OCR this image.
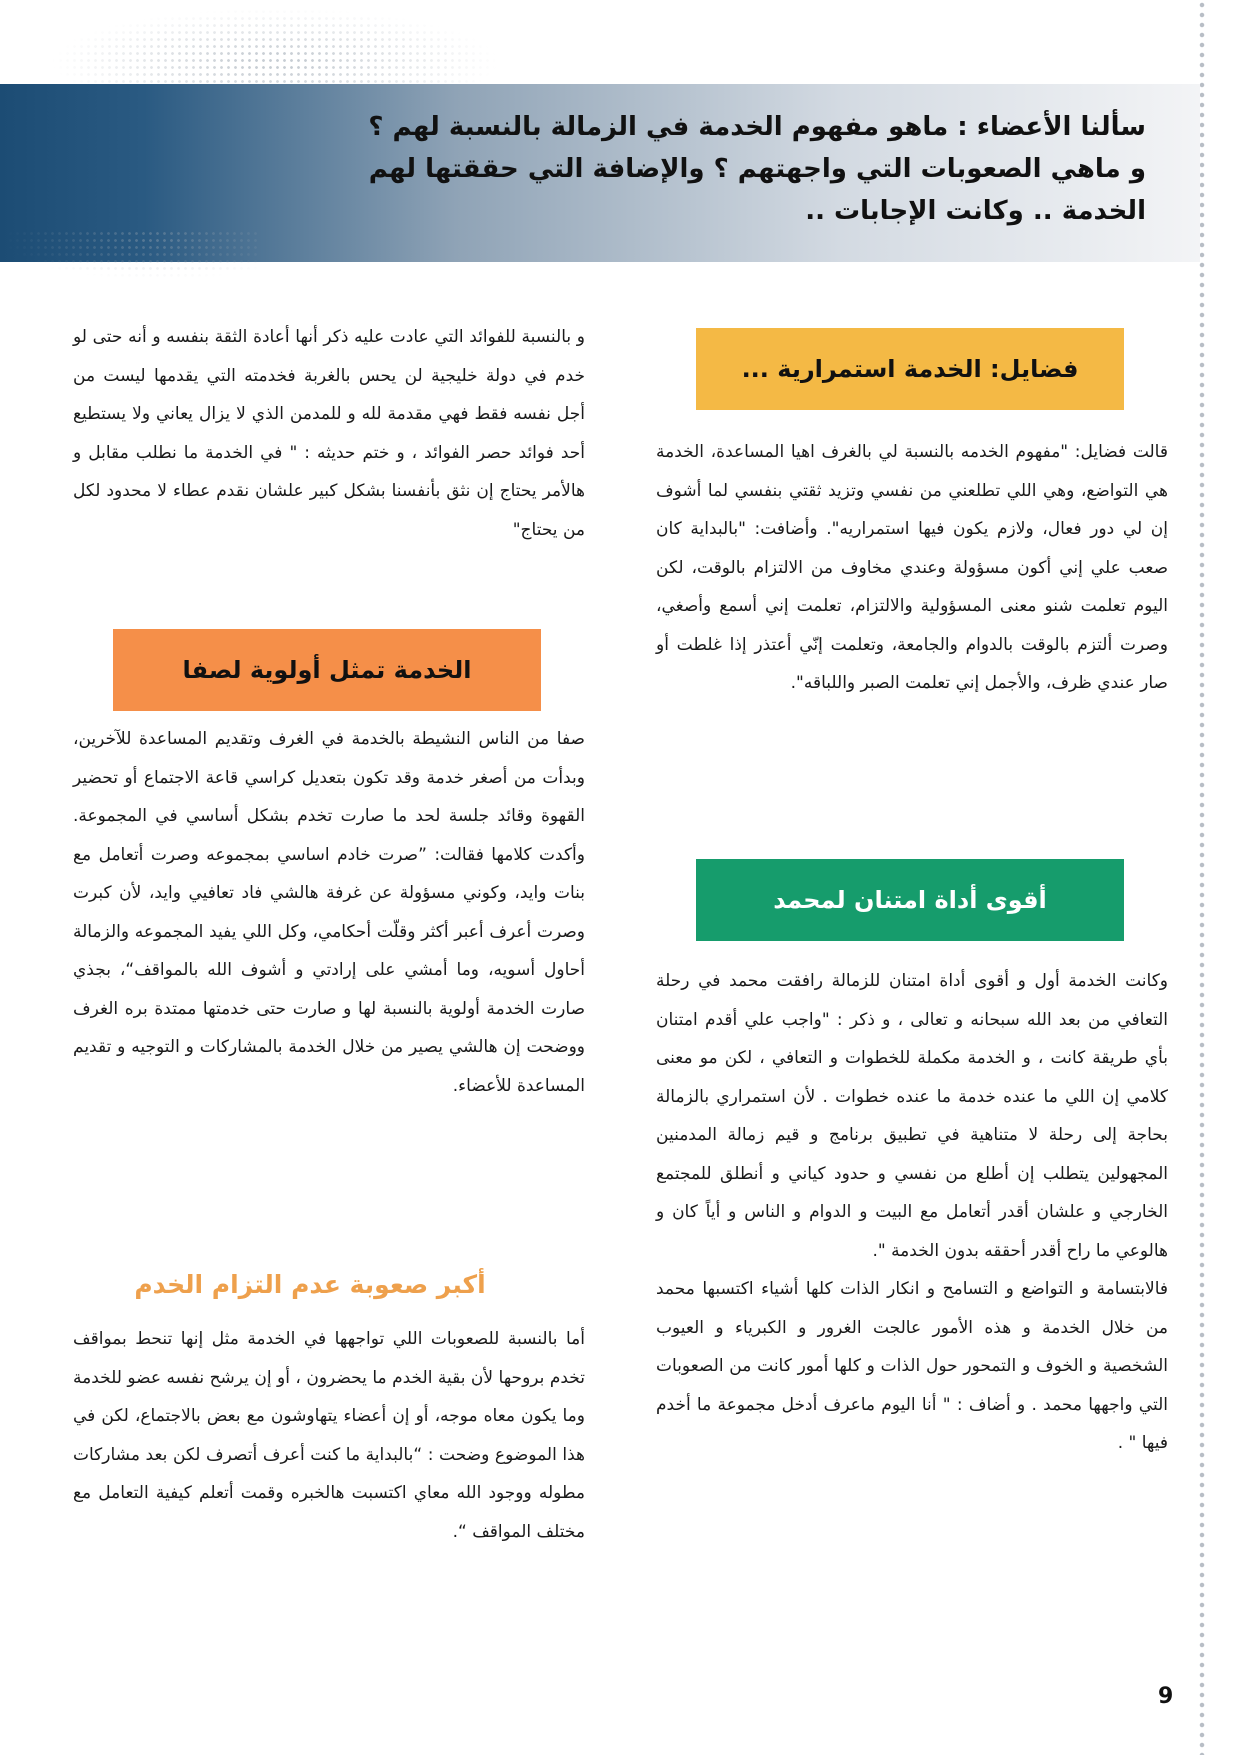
سألنا الأعضاء : ماهو مفهوم الخدمة في الزمالة بالنسبة لهم ؟
و ماهي الصعوبات التي واجهتهم ؟ والإضافة التي حققتها لهم
الخدمة .. وكانت الإجابات ..
فضايل: الخدمة استمرارية ...

قالت فضايل: "مفهوم الخدمه بالنسبة لي بالغرف اهيا المساعدة، الخدمة هي التواضع، وهي اللي تطلعني من نفسي وتزيد ثقتي بنفسي لما أشوف إن لي دور فعال، ولازم يكون فيها استمراريه". وأضافت: "بالبداية كان صعب علي إني أكون مسؤولة وعندي مخاوف من الالتزام بالوقت، لكن اليوم تعلمت شنو معنى المسؤولية والالتزام، تعلمت إني أسمع وأصغي، وصرت ألتزم بالوقت بالدوام والجامعة، وتعلمت إنّي أعتذر إذا غلطت أو صار عندي ظرف، والأجمل إني تعلمت الصبر واللباقه".

أقوى أداة امتنان لمحمد

وكانت الخدمة أول و أقوى أداة امتنان للزمالة رافقت محمد في رحلة التعافي من بعد الله سبحانه و تعالى ، و ذكر : "واجب علي أقدم امتنان بأي طريقة كانت ، و الخدمة مكملة للخطوات و التعافي ، لكن مو معنى كلامي إن اللي ما عنده خدمة ما عنده خطوات . لأن استمراري بالزمالة بحاجة إلى رحلة لا متناهية في تطبيق برنامج و قيم زمالة المدمنين المجهولين يتطلب إن أطلع من نفسي و حدود كياني و أنطلق للمجتمع الخارجي و علشان أقدر أتعامل مع البيت و الدوام و الناس و أياً كان و هالوعي ما راح أقدر أحققه بدون الخدمة ".

فالابتسامة و التواضع و التسامح و انكار الذات كلها أشياء اكتسبها محمد من خلال الخدمة و هذه الأمور عالجت الغرور و الكبرياء و العيوب الشخصية و الخوف و التمحور حول الذات و كلها أمور كانت من الصعوبات التي واجهها محمد . و أضاف : " أنا اليوم ماعرف أدخل مجموعة ما أخدم فيها " .

و بالنسبة للفوائد التي عادت عليه ذكر أنها أعادة الثقة بنفسه و أنه حتى لو خدم في دولة خليجية لن يحس بالغربة فخدمته التي يقدمها ليست من أجل نفسه فقط فهي مقدمة لله و للمدمن الذي لا يزال يعاني ولا يستطيع أحد فوائد حصر الفوائد ، و ختم حديثه : " في الخدمة ما نطلب مقابل و هالأمر يحتاج إن نثق بأنفسنا بشكل كبير علشان نقدم عطاء لا محدود لكل من يحتاج"

الخدمة تمثل أولوية لصفا

صفا من الناس النشيطة بالخدمة في الغرف وتقديم المساعدة للآخرين، وبدأت من أصغر خدمة وقد تكون بتعديل كراسي قاعة الاجتماع أو تحضير القهوة وقائد جلسة لحد ما صارت تخدم بشكل أساسي في المجموعة. وأكدت كلامها فقالت: ”صرت خادم اساسي بمجموعه وصرت أتعامل مع بنات وايد، وكوني مسؤولة عن غرفة هالشي فاد تعافيي وايد، لأن كبرت وصرت أعرف أعبر أكثر وقلّت أحكامي، وكل اللي يفيد المجموعه والزمالة أحاول أسويه، وما أمشي على إرادتي و أشوف الله بالمواقف“، بجذي صارت الخدمة أولوية بالنسبة لها و صارت حتى خدمتها ممتدة بره الغرف ووضحت إن هالشي يصير من خلال الخدمة بالمشاركات و التوجيه و تقديم المساعدة للأعضاء.

أكبر صعوبة عدم التزام الخدم

أما بالنسبة للصعوبات اللي تواجهها في الخدمة مثل إنها تنحط بمواقف تخدم بروحها لأن بقية الخدم ما يحضرون ، أو إن يرشح نفسه عضو للخدمة وما يكون معاه موجه، أو إن أعضاء يتهاوشون مع بعض بالاجتماع، لكن في هذا الموضوع وضحت : “بالبداية ما كنت أعرف أتصرف لكن بعد مشاركات مطوله ووجود الله معاي اكتسبت هالخبره وقمت أتعلم كيفية التعامل مع مختلف المواقف “.

9
